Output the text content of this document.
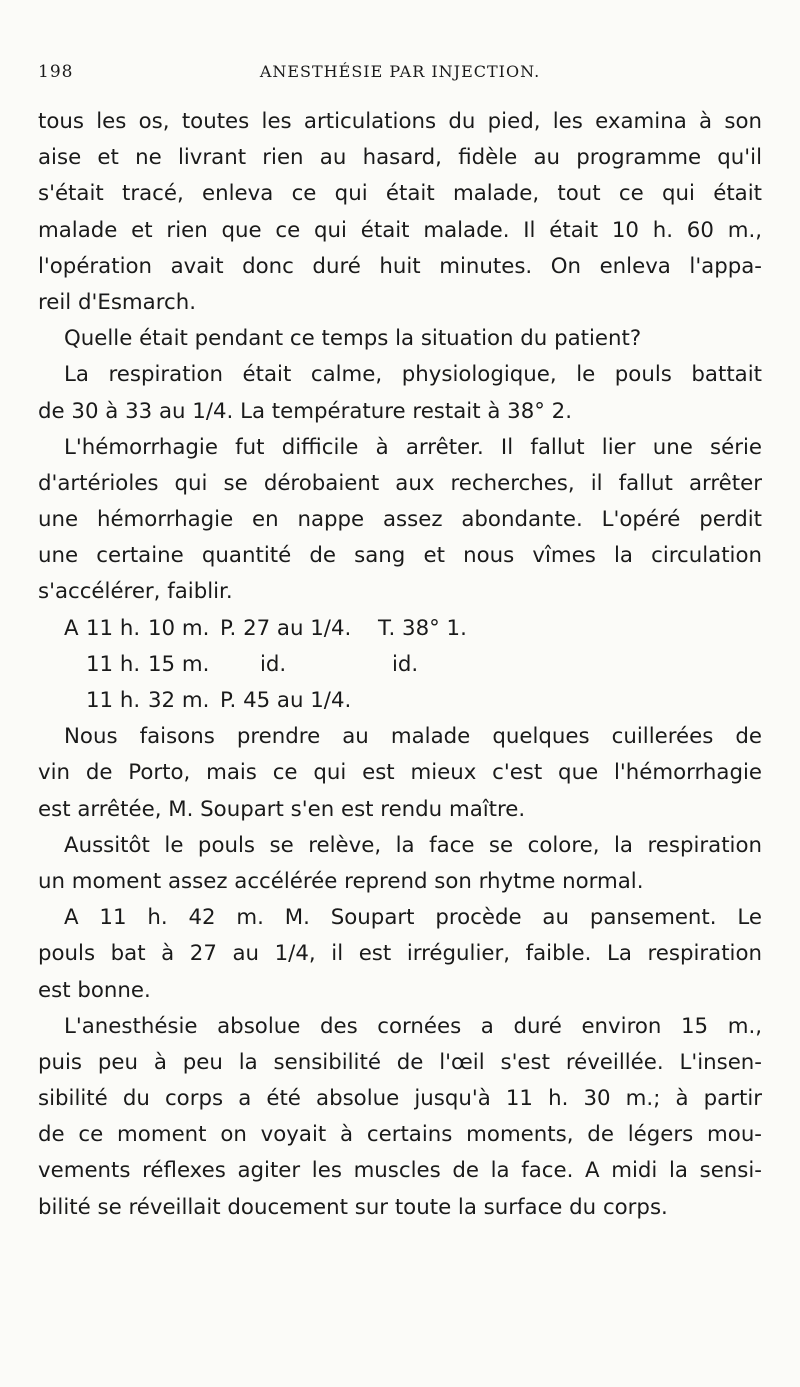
198	ANESTHÉSIE PAR INJECTION.
tous les os, toutes les articulations du pied, les examina à son
aise et ne livrant rien au hasard, fidèle au programme qu'il
s'était tracé, enleva ce qui était malade, tout ce qui était
malade et rien que ce qui était malade. Il était 10 h. 60 m.,
l'opération avait donc duré huit minutes. On enleva l'appa-
reil d'Esmarch.
Quelle était pendant ce temps la situation du patient?
La respiration était calme, physiologique, le pouls battait
de 30 à 33 au 1/4. La température restait à 38° 2.
L'hémorrhagie fut difficile à arrêter. Il fallut lier une série
d'artérioles qui se dérobaient aux recherches, il fallut arrêter
une hémorrhagie en nappe assez abondante. L'opéré perdit
une certaine quantité de sang et nous vîmes la circulation
s'accélérer, faiblir.
A 11 h. 10 m. P. 27 au 1/4.	T. 38° 1.
11 h. 15 m.	id.	id.
11 h. 32 m. P. 45 au 1/4.
Nous faisons prendre au malade quelques cuillerées de
vin de Porto, mais ce qui est mieux c'est que l'hémorrhagie
est arrêtée, M. Soupart s'en est rendu maître.
Aussitôt le pouls se relève, la face se colore, la respiration
un moment assez accélérée reprend son rhytme normal.
A 11 h. 42 m. M. Soupart procède au pansement. Le
pouls bat à 27 au 1/4, il est irrégulier, faible. La respiration
est bonne.
L'anesthésie absolue des cornées a duré environ 15 m.,
puis peu à peu la sensibilité de l'œil s'est réveillée. L'insen-
sibilité du corps a été absolue jusqu'à 11 h. 30 m.; à partir
de ce moment on voyait à certains moments, de légers mou-
vements réflexes agiter les muscles de la face. A midi la sensi-
bilité se réveillait doucement sur toute la surface du corps.
